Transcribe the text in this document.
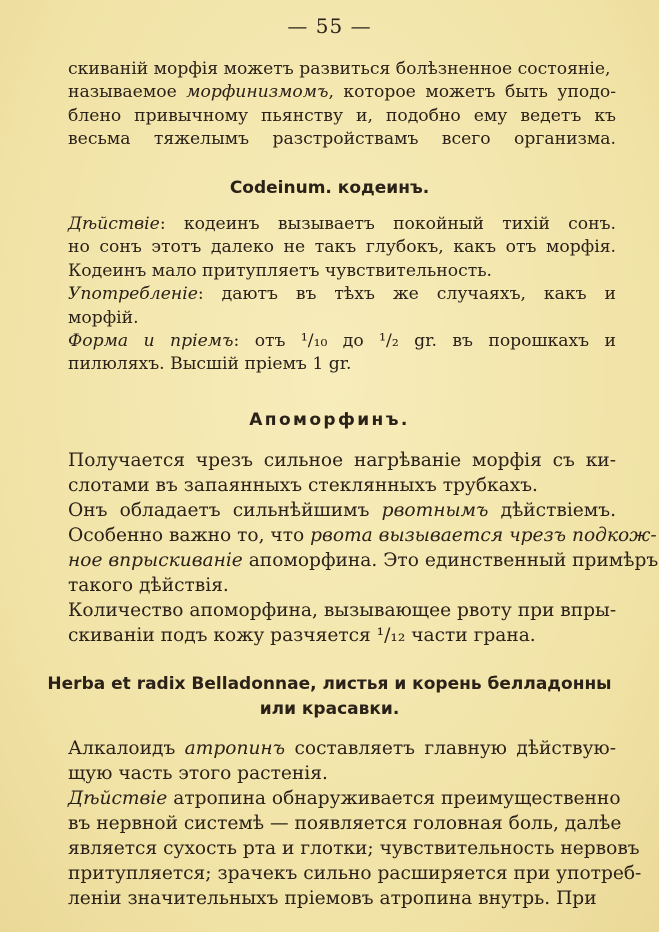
— 55 —
скиваній морфія можетъ развиться болѣзненное состояніе,
называемое морфинизмомъ, которое можетъ быть уподо-
блено привычному пьянству и, подобно ему ведетъ къ
весьма тяжелымъ разстройствамъ всего организма.
Codeinum. кодеинъ.
Дѣйствіе: кодеинъ вызываетъ покойный тихій сонъ.
но сонъ этотъ далеко не такъ глубокъ, какъ отъ морфія.
Кодеинъ мало притупляетъ чувствительность.
Употребленіе: даютъ въ тѣхъ же случаяхъ, какъ и
морфій.
Форма и пріемъ: отъ ¹/₁₀ до ¹/₂ gr. въ порошкахъ и
пилюляхъ. Высшій пріемъ 1 gr.
Апоморфинъ.
Получается чрезъ сильное нагрѣваніе морфія съ ки-
слотами въ запаянныхъ стеклянныхъ трубкахъ.
Онъ обладаетъ сильнѣйшимъ рвотнымъ дѣйствіемъ.
Особенно важно то, что рвота вызывается чрезъ подкож-
ное впрыскиваніе апоморфина. Это единственный примѣръ
такого дѣйствія.
Количество апоморфина, вызывающее рвоту при впры-
скиваніи подъ кожу разчяется ¹/₁₂ части грана.
Herba et radix Belladonnae, листья и корень белладонны
или красавки.
Алкалоидъ атропинъ составляетъ главную дѣйствую-
щую часть этого растенія.
Дѣйствіе атропина обнаруживается преимущественно
въ нервной системѣ — появляется головная боль, далѣе
является сухость рта и глотки; чувствительность нервовъ
притупляется; зрачекъ сильно расширяется при употреб-
леніи значительныхъ пріемовъ атропина внутрь. При
